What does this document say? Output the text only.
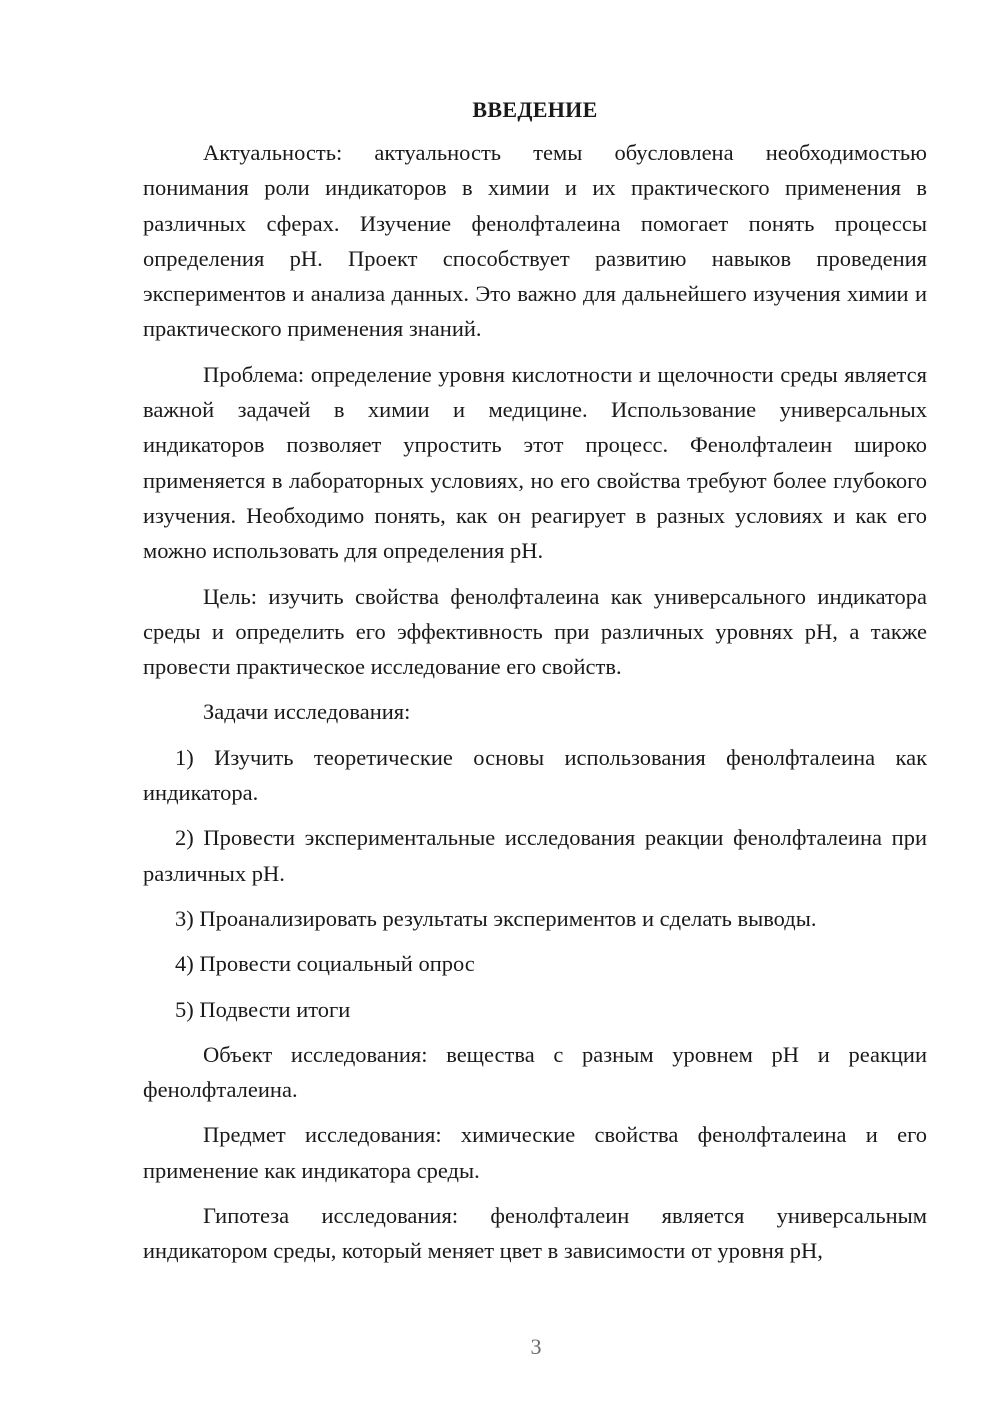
ВВЕДЕНИЕ

Актуальность: актуальность темы обусловлена необходимостью понимания роли индикаторов в химии и их практического применения в различных сферах. Изучение фенолфталеина помогает понять процессы определения pH. Проект способствует развитию навыков проведения экспериментов и анализа данных. Это важно для дальнейшего изучения химии и практического применения знаний.

Проблема: определение уровня кислотности и щелочности среды является важной задачей в химии и медицине. Использование универсальных индикаторов позволяет упростить этот процесс. Фенолфталеин широко применяется в лабораторных условиях, но его свойства требуют более глубокого изучения. Необходимо понять, как он реагирует в разных условиях и как его можно использовать для определения pH.

Цель: изучить свойства фенолфталеина как универсального индикатора среды и определить его эффективность при различных уровнях pH, а также провести практическое исследование его свойств.

Задачи исследования:

1) Изучить теоретические основы использования фенолфталеина как индикатора.

2) Провести экспериментальные исследования реакции фенолфталеина при различных pH.

3) Проанализировать результаты экспериментов и сделать выводы.

4) Провести социальный опрос

5) Подвести итоги

Объект исследования: вещества с разным уровнем pH и реакции фенолфталеина.

Предмет исследования: химические свойства фенолфталеина и его применение как индикатора среды.

Гипотеза исследования: фенолфталеин является универсальным индикатором среды, который меняет цвет в зависимости от уровня pH,

3
